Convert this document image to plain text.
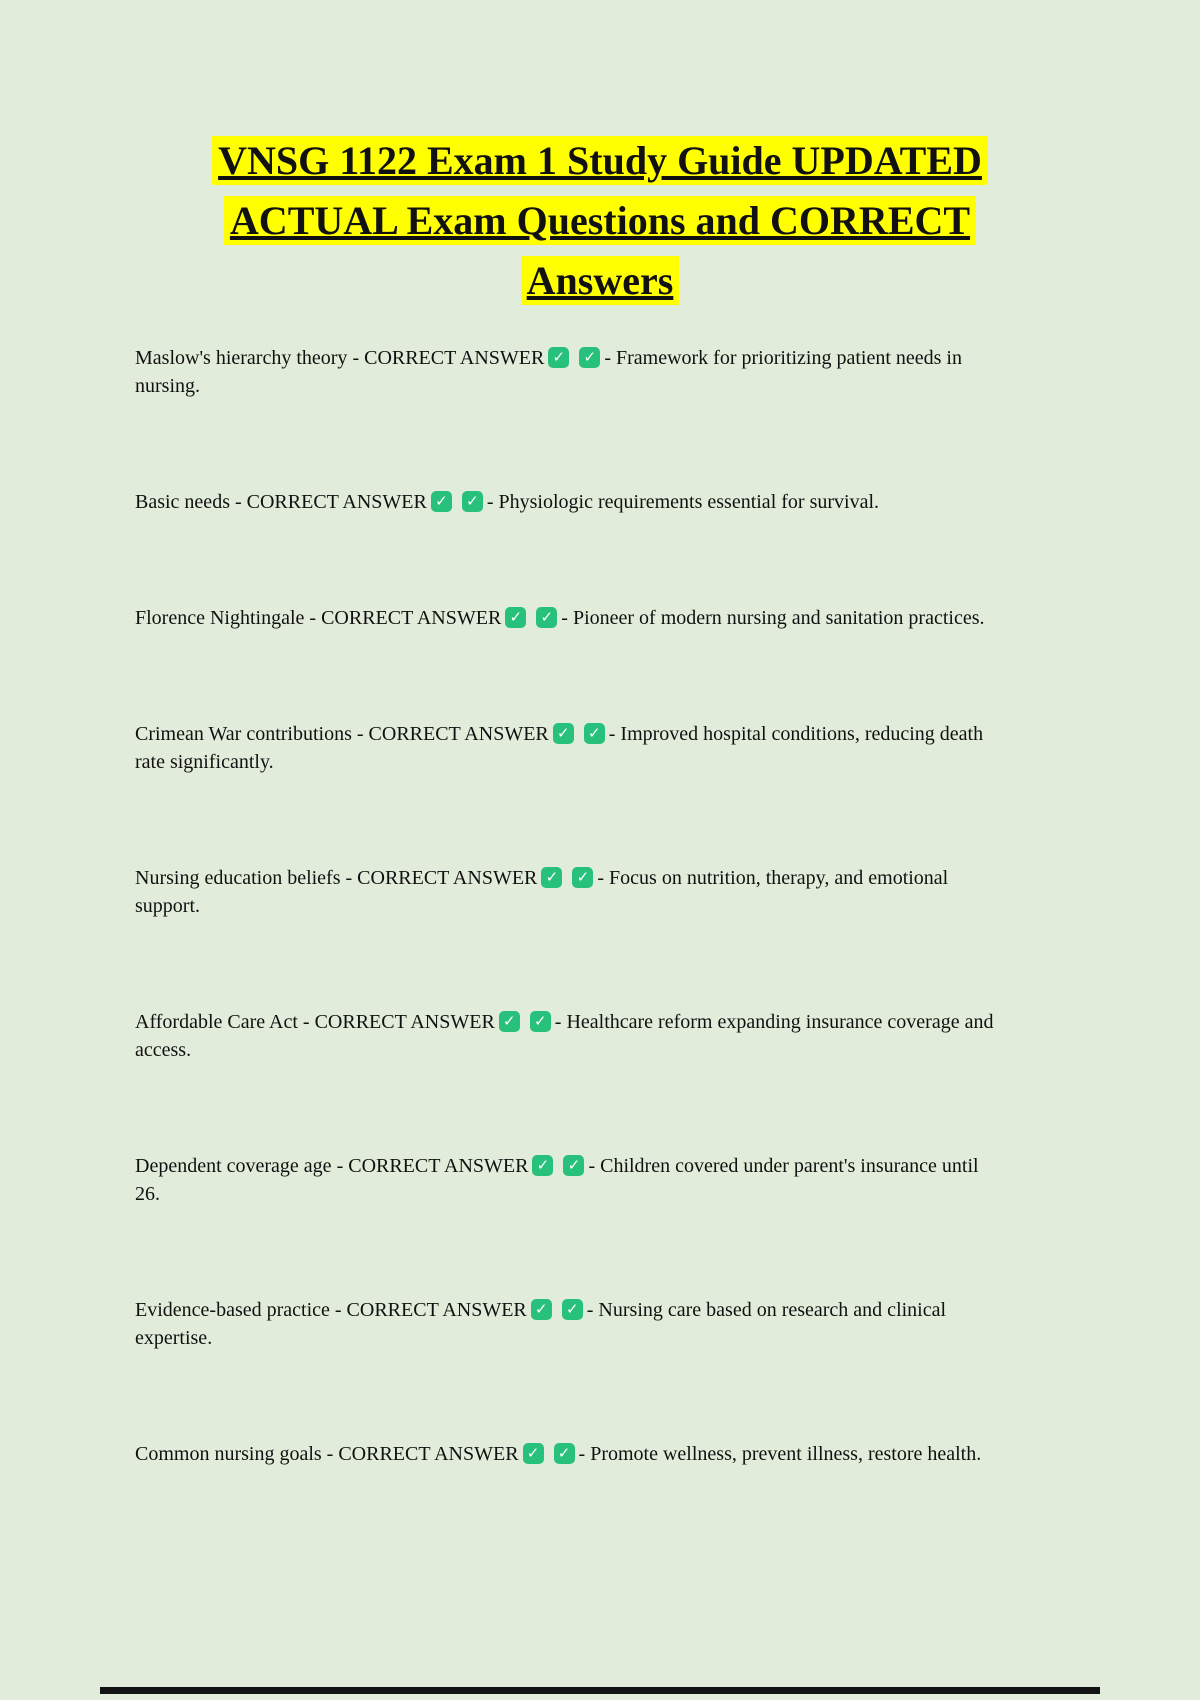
VNSG 1122 Exam 1 Study Guide UPDATED
ACTUAL Exam Questions and CORRECT
Answers

Maslow's hierarchy theory - CORRECT ANSWER ✓ ✓	- Framework for prioritizing patient needs in nursing.

Basic needs - CORRECT ANSWER ✓ ✓	- Physiologic requirements essential for survival.

Florence Nightingale - CORRECT ANSWER ✓ ✓	- Pioneer of modern nursing and sanitation practices.

Crimean War contributions - CORRECT ANSWER ✓ ✓	- Improved hospital conditions, reducing death rate significantly.

Nursing education beliefs - CORRECT ANSWER ✓ ✓	- Focus on nutrition, therapy, and emotional support.

Affordable Care Act - CORRECT ANSWER ✓ ✓	- Healthcare reform expanding insurance coverage and access.

Dependent coverage age - CORRECT ANSWER ✓ ✓	- Children covered under parent's insurance until 26.

Evidence-based practice - CORRECT ANSWER ✓ ✓	- Nursing care based on research and clinical expertise.

Common nursing goals - CORRECT ANSWER ✓ ✓	- Promote wellness, prevent illness, restore health.
